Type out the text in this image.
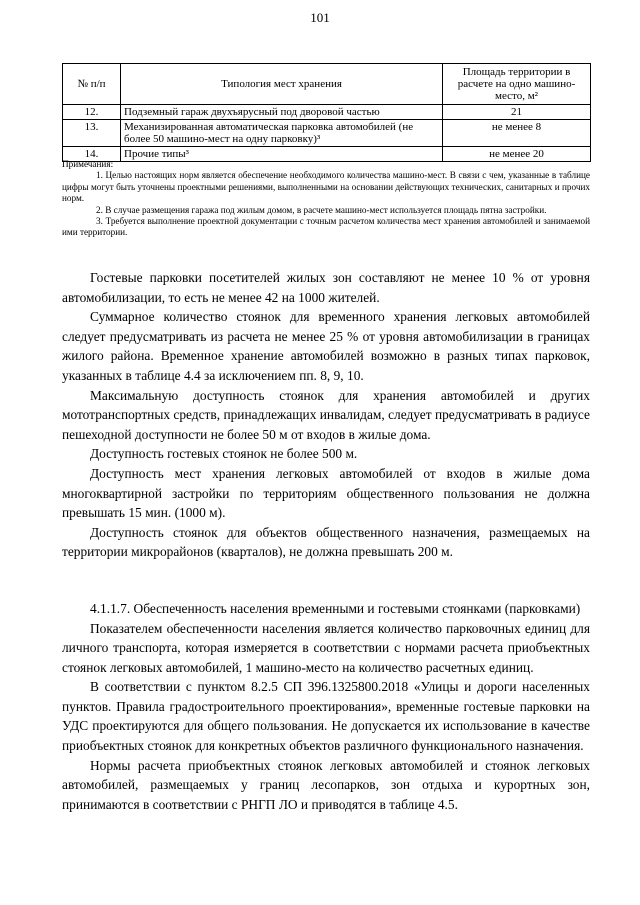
101
№ п/п	Типология мест хранения	Площадь территории в расчете на одно машино-место, м²
12.	Подземный гараж двухъярусный под дворовой частью	21
13.	Механизированная автоматическая парковка автомобилей (не более 50 машино-мест на одну парковку)³	не менее 8
14.	Прочие типы³	не менее 20

Примечания:

1. Целью настоящих норм является обеспечение необходимого количества машино-мест. В связи с чем, указанные в таблице цифры могут быть уточнены проектными решениями, выполненными на основании действующих технических, санитарных и прочих норм.

2. В случае размещения гаража под жилым домом, в расчете машино-мест используется площадь пятна застройки.

3. Требуется выполнение проектной документации с точным расчетом количества мест хранения автомобилей и занимаемой ими территории.

Гостевые парковки посетителей жилых зон составляют не менее 10 % от уровня автомобилизации, то есть не менее 42 на 1000 жителей.

Суммарное количество стоянок для временного хранения легковых автомобилей следует предусматривать из расчета не менее 25 % от уровня автомобилизации в границах жилого района. Временное хранение автомобилей возможно в разных типах парковок, указанных в таблице 4.4 за исключением пп. 8, 9, 10.

Максимальную доступность стоянок для хранения автомобилей и других мототранспортных средств, принадлежащих инвалидам, следует предусматривать в радиусе пешеходной доступности не более 50 м от входов в жилые дома.

Доступность гостевых стоянок не более 500 м.

Доступность мест хранения легковых автомобилей от входов в жилые дома многоквартирной застройки по территориям общественного пользования не должна превышать 15 мин. (1000 м).

Доступность стоянок для объектов общественного назначения, размещаемых на территории микрорайонов (кварталов), не должна превышать 200 м.

4.1.1.7. Обеспеченность населения временными и гостевыми стоянками (парковками)

Показателем обеспеченности населения является количество парковочных единиц для личного транспорта, которая измеряется в соответствии с нормами расчета приобъектных стоянок легковых автомобилей, 1 машино-место на количество расчетных единиц.

В соответствии с пунктом 8.2.5 СП 396.1325800.2018 «Улицы и дороги населенных пунктов. Правила градостроительного проектирования», временные гостевые парковки на УДС проектируются для общего пользования. Не допускается их использование в качестве приобъектных стоянок для конкретных объектов различного функционального назначения.

Нормы расчета приобъектных стоянок легковых автомобилей и стоянок легковых автомобилей, размещаемых у границ лесопарков, зон отдыха и курортных зон, принимаются в соответствии с РНГП ЛО и приводятся в таблице 4.5.
